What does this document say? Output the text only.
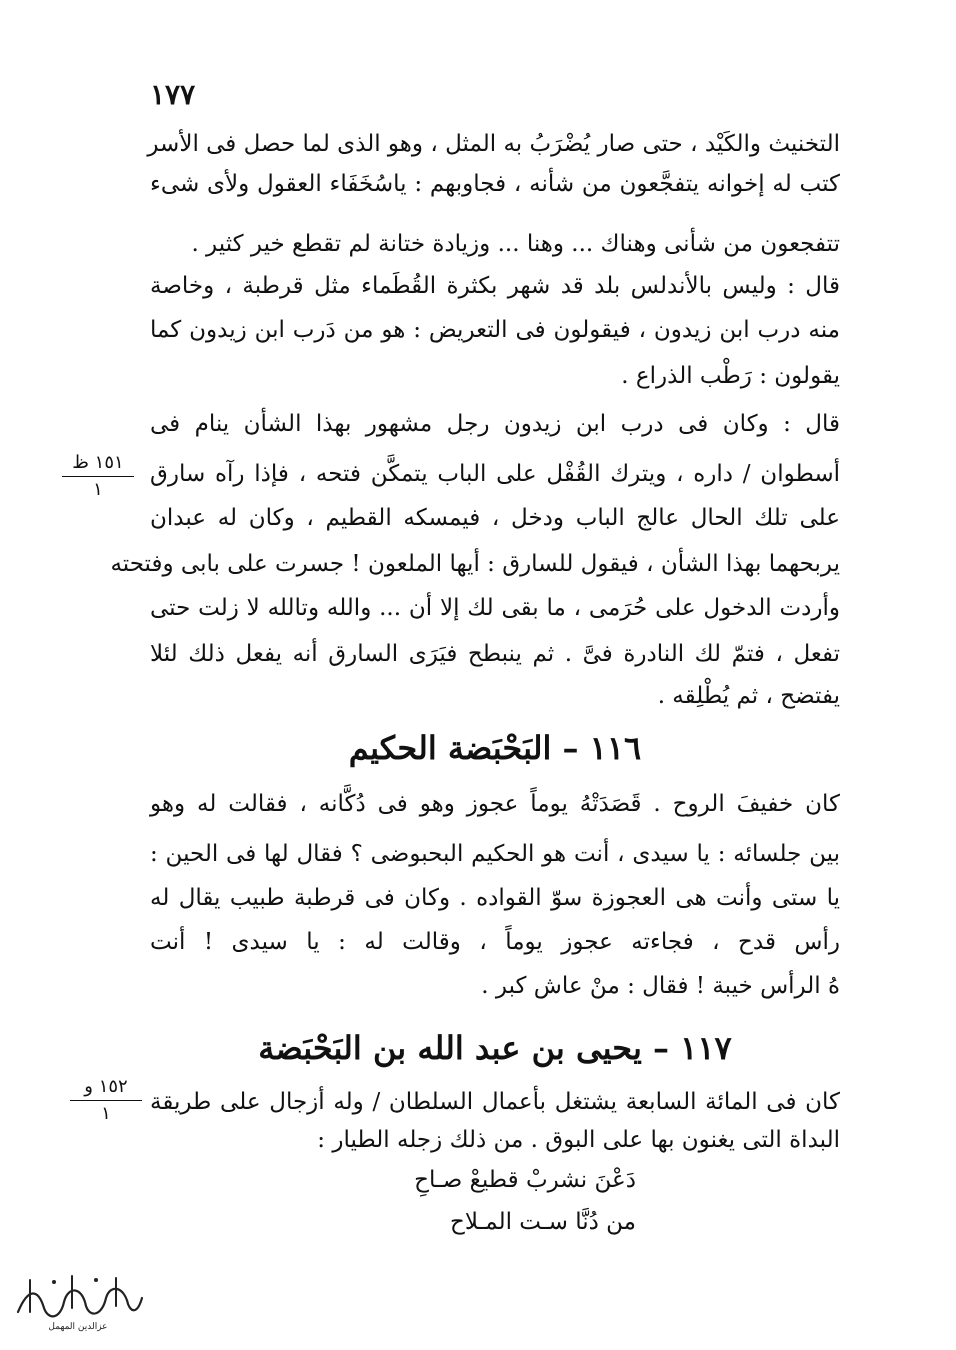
١٧٧
التخنيث والكَيْد ، حتى صار يُضْرَبُ به المثل ، وهو الذى لما حصل فى الأسر
كتب له إخوانه يتفجَّعون من شأنه ، فجاوبهم : ياسُخَفَاء العقول ولأى شىء
تتفجعون من شأنى وهناك ... وهنا ... وزيادة ختانة لم تقطع خير كثير .
قال : وليس بالأندلس بلد قد شهر بكثرة القُطَماء مثل قرطبة ، وخاصة
منه درب ابن زيدون ، فيقولون فى التعريض : هو من دَرب ابن زيدون كما
يقولون : رَطْب الذراع .
قال : وكان فى درب ابن زيدون رجل مشهور بهذا الشأن ينام فى
أسطوان / داره ، ويترك القُفْل على الباب يتمكَّن فتحه ، فإذا رآه سارق
على تلك الحال عالج الباب ودخل ، فيمسكه القطيم ، وكان له عبدان
يربحهما بهذا الشأن ، فيقول للسارق : أيها الملعون ! جسرت على بابى وفتحته
وأردت الدخول على حُرَمى ، ما بقى لك إلا أن ... والله وتالله لا زلت حتى
تفعل ، فتمّ لك النادرة فىَّ . ثم ينبطح فيَرَى السارق أنه يفعل ذلك لئلا
يفتضح ، ثم يُطْلِقه .
١١٦ – البَحْبَضة الحكيم
كان خفيفَ الروح . قَصَدَتْهُ يوماً عجوز وهو فى دُكَّانه ، فقالت له وهو
بين جلسائه : يا سيدى ، أنت هو الحكيم البحبوضى ؟ فقال لها فى الحين :
يا ستى وأنت هى العجوزة سوّ القواده . وكان فى قرطبة طبيب يقال له
رأس قدح ، فجاءته عجوز يوماً ، وقالت له : يا سيدى ! أنت
هُ الرأس خيبة ! فقال : منْ عاش كبر .
١١٧ – يحيى بن عبد الله بن البَحْبَضة
كان فى المائة السابعة يشتغل بأعمال السلطان / وله أزجال على طريقة
البداة التى يغنون بها على البوق . من ذلك زجله الطيار :
دَعْنَ نشربْ قطيعْ صـاحِ
من دُنَّا سـت المـلاح
١٥١ ظ
١
١٥٢ و
١
عزالدين المهمل
